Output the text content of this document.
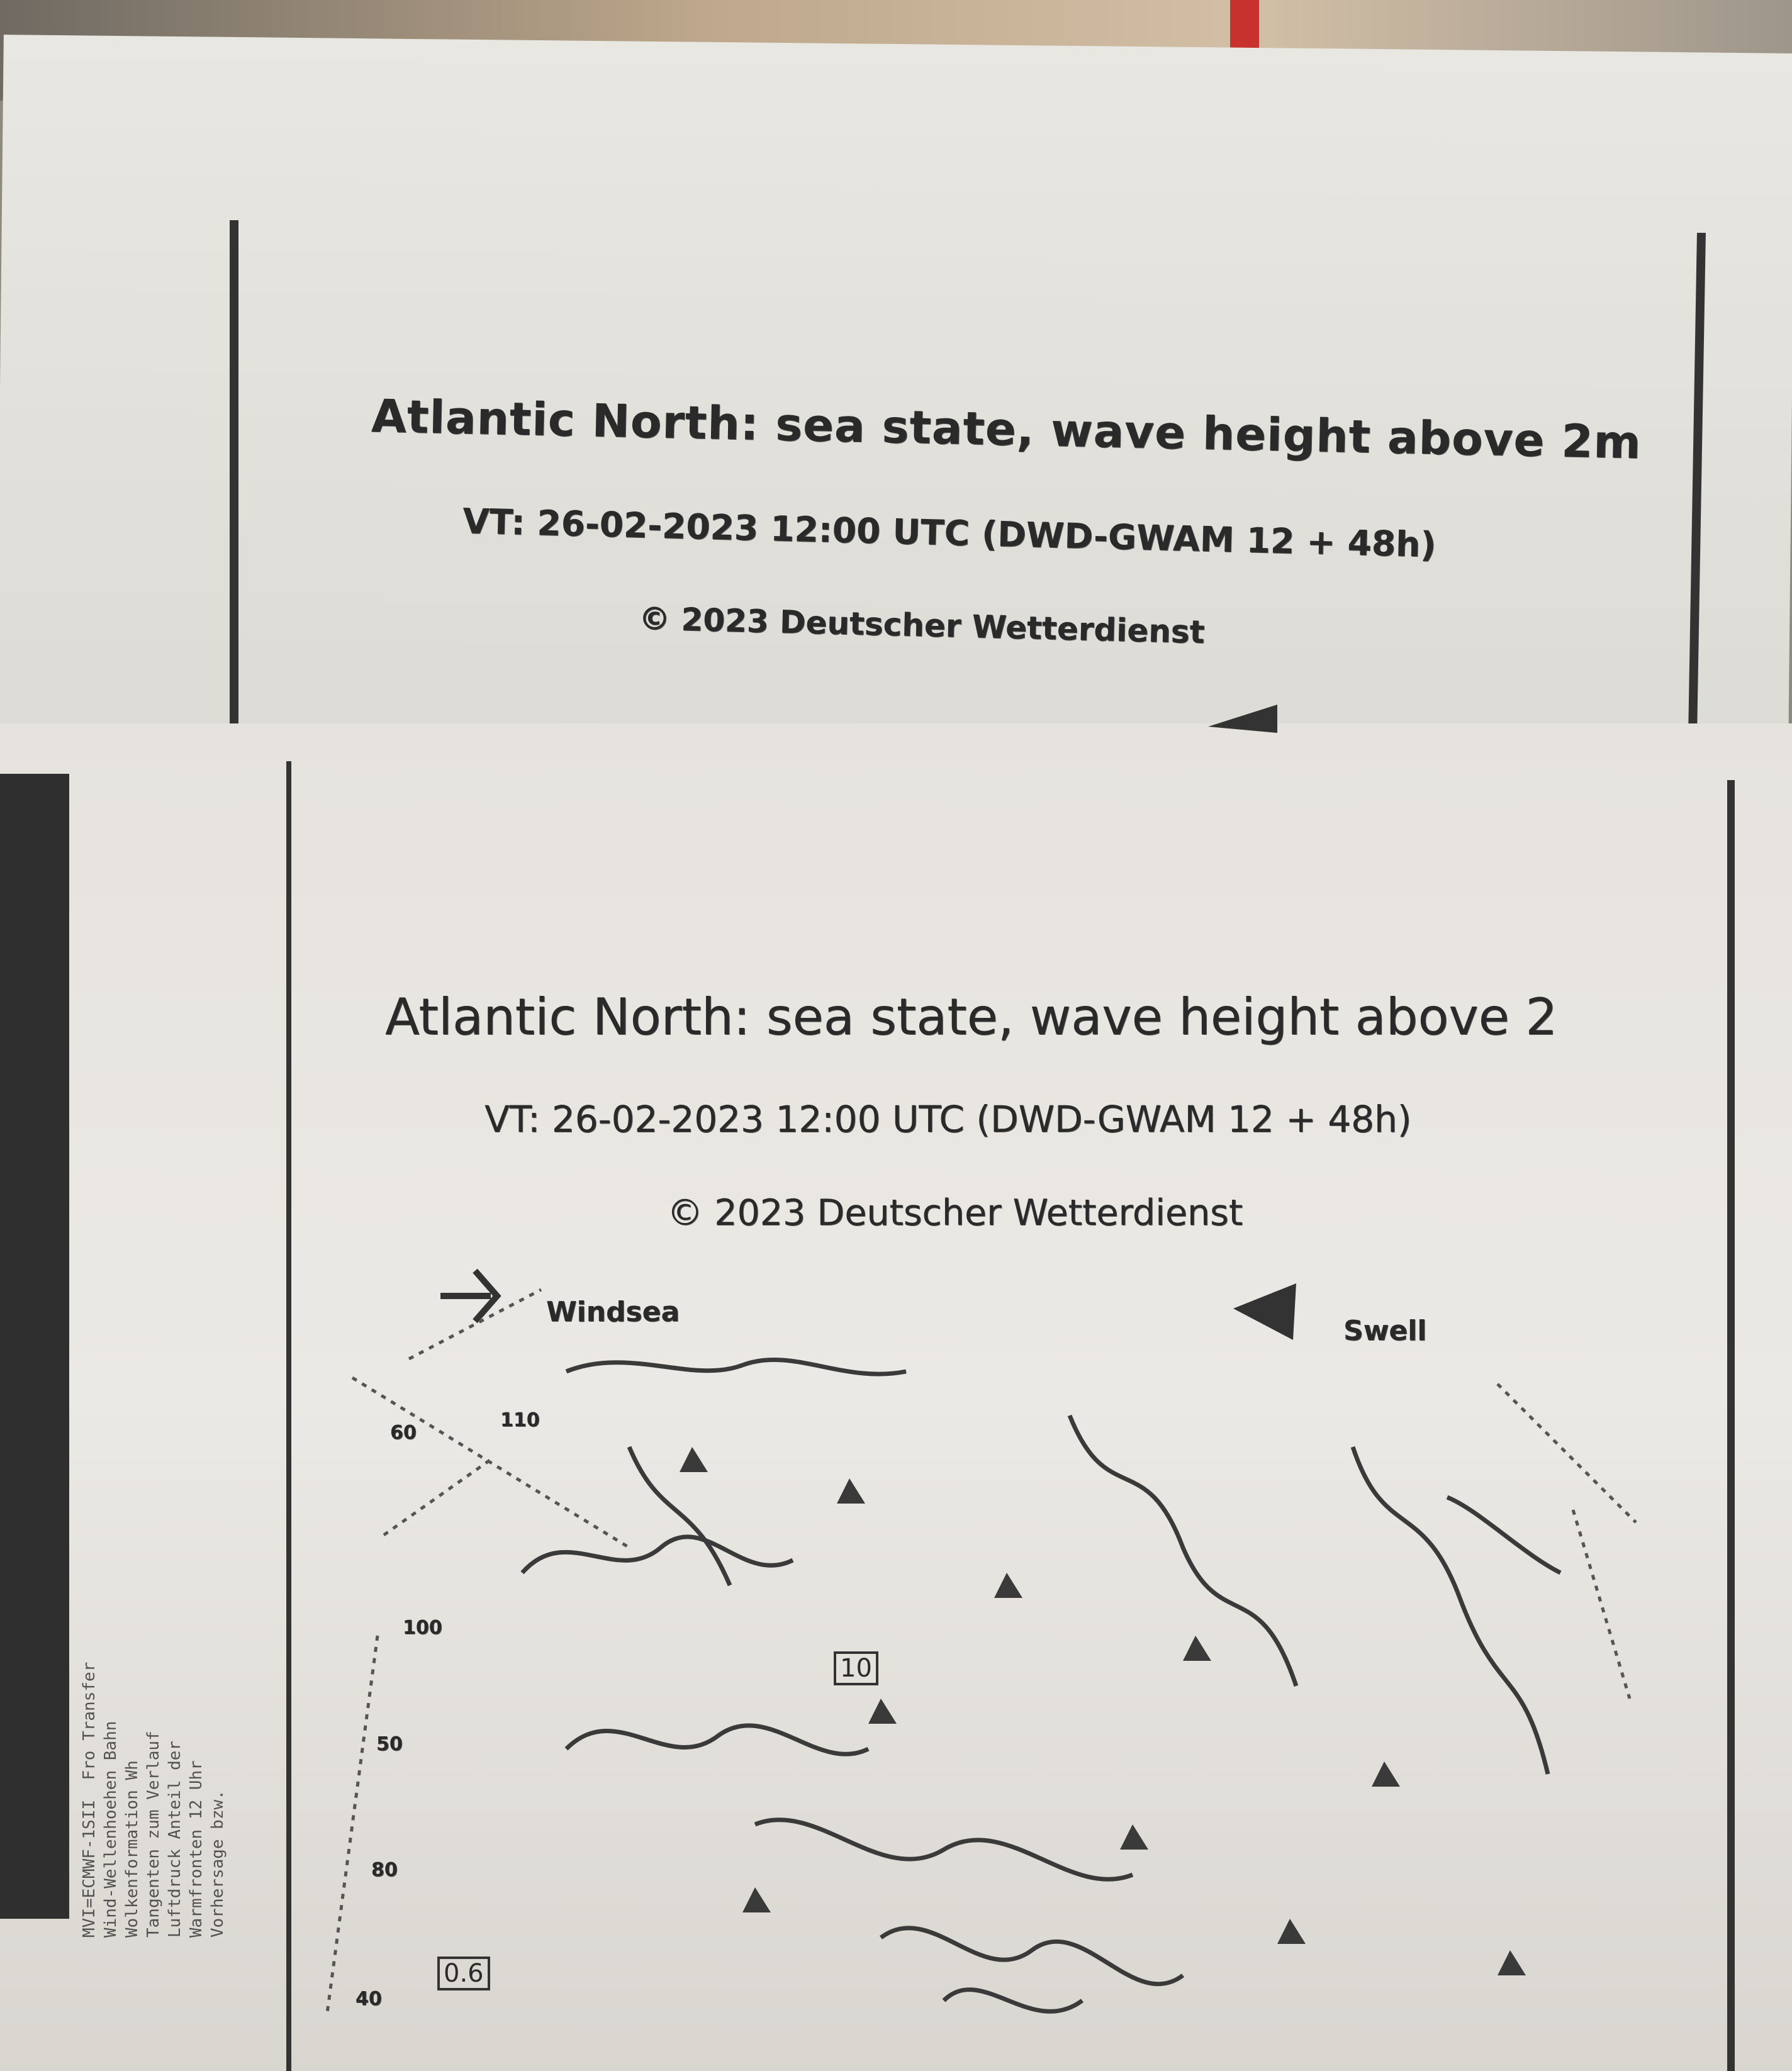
Atlantic North: sea state, wave height above 2m
VT: 26-02-2023 12:00 UTC (DWD-GWAM 12 + 48h)
© 2023 Deutscher Wetterdienst
MVI=ECMWF-1SII  Fro Transfer
Wind-Wellenhoehen Bahn
Wolkenformation Wh
Tangenten zum Verlauf
Luftdruck Anteil der
Warmfronten 12 Uhr
Vorhersage bzw.
Atlantic North: sea state, wave height above 2
VT: 26-02-2023 12:00 UTC (DWD-GWAM 12 + 48h)
© 2023 Deutscher Wetterdienst
Windsea
Swell
60
110
100
50
80
40
0.6
10
